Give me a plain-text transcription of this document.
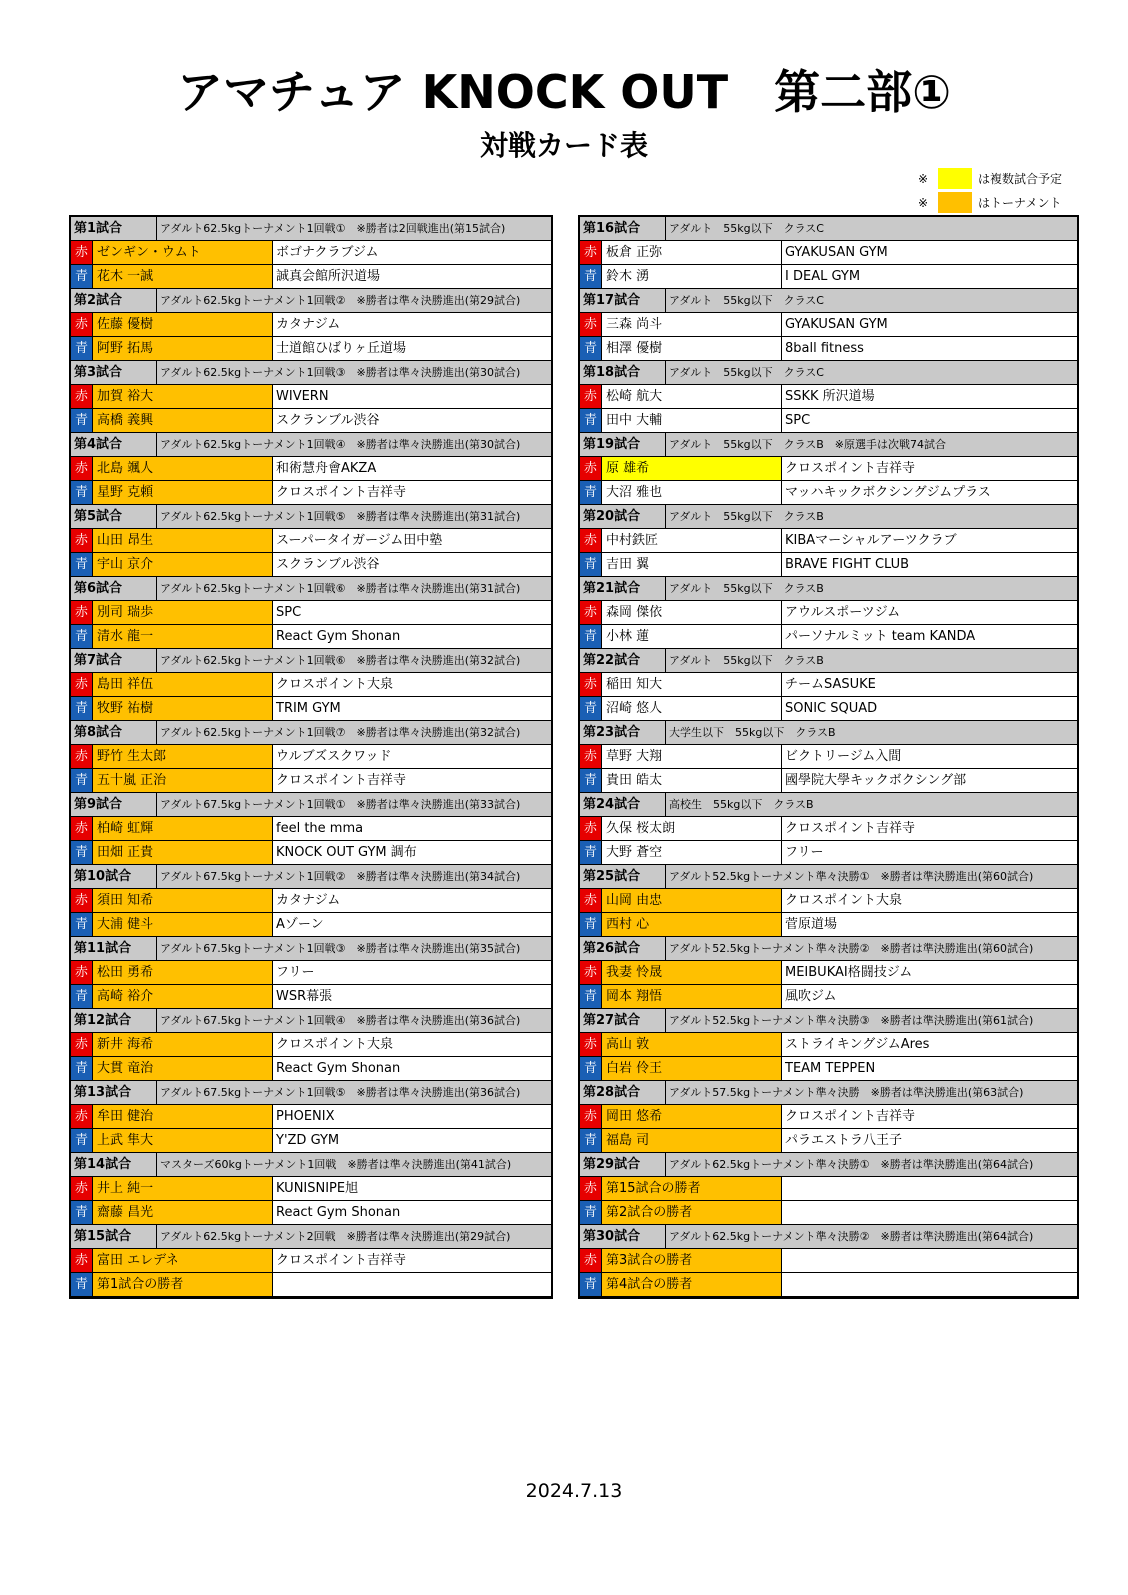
アマチュア KNOCK OUT　第二部①
対戦カード表
※	は複数試合予定
※	はトーナメント
第1試合	アダルト62.5kgトーナメント1回戦①　※勝者は2回戦進出(第15試合)
赤 ゼンギン・ウムト	ボゴナクラブジム
青 花木 一誠	誠真会館所沢道場
第2試合	アダルト62.5kgトーナメント1回戦②　※勝者は準々決勝進出(第29試合)
赤 佐藤 優樹	カタナジム
青 阿野 拓馬	士道館ひばりヶ丘道場
第3試合	アダルト62.5kgトーナメント1回戦③　※勝者は準々決勝進出(第30試合)
赤 加賀 裕大	WIVERN
青 高橋 義興	スクランブル渋谷
第4試合	アダルト62.5kgトーナメント1回戦④　※勝者は準々決勝進出(第30試合)
赤 北島 颯人	和術慧舟會AKZA
青 星野 克頼	クロスポイント吉祥寺
第5試合	アダルト62.5kgトーナメント1回戦⑤　※勝者は準々決勝進出(第31試合)
赤 山田 昂生	スーパータイガージム田中塾
青 宇山 京介	スクランブル渋谷
第6試合	アダルト62.5kgトーナメント1回戦⑥　※勝者は準々決勝進出(第31試合)
赤 別司 瑞歩	SPC
青 清水 龍一	React Gym Shonan
第7試合	アダルト62.5kgトーナメント1回戦⑥　※勝者は準々決勝進出(第32試合)
赤 島田 祥伍	クロスポイント大泉
青 牧野 祐樹	TRIM GYM
第8試合	アダルト62.5kgトーナメント1回戦⑦　※勝者は準々決勝進出(第32試合)
赤 野竹 生太郎	ウルブズスクワッド
青 五十嵐 正治	クロスポイント吉祥寺
第9試合	アダルト67.5kgトーナメント1回戦①　※勝者は準々決勝進出(第33試合)
赤 柏崎 虹輝	feel the mma
青 田畑 正貴	KNOCK OUT GYM 調布
第10試合	アダルト67.5kgトーナメント1回戦②　※勝者は準々決勝進出(第34試合)
赤 須田 知希	カタナジム
青 大浦 健斗	Aゾーン
第11試合	アダルト67.5kgトーナメント1回戦③　※勝者は準々決勝進出(第35試合)
赤 松田 勇希	フリー
青 高崎 裕介	WSR幕張
第12試合	アダルト67.5kgトーナメント1回戦④　※勝者は準々決勝進出(第36試合)
赤 新井 海希	クロスポイント大泉
青 大貫 竜治	React Gym Shonan
第13試合	アダルト67.5kgトーナメント1回戦⑤　※勝者は準々決勝進出(第36試合)
赤 牟田 健治	PHOENIX
青 上武 隼大	Y'ZD GYM
第14試合	マスターズ60kgトーナメント1回戦　※勝者は準々決勝進出(第41試合)
赤 井上 純一	KUNISNIPE旭
青 齋藤 昌光	React Gym Shonan
第15試合	アダルト62.5kgトーナメント2回戦　※勝者は準々決勝進出(第29試合)
赤 富田 エレデネ	クロスポイント吉祥寺
青 第1試合の勝者
第16試合	アダルト　55kg以下　クラスC
赤 板倉 正弥	GYAKUSAN GYM
青 鈴木 湧	I DEAL GYM
第17試合	アダルト　55kg以下　クラスC
赤 三森 尚斗	GYAKUSAN GYM
青 相澤 優樹	8ball fitness
第18試合	アダルト　55kg以下　クラスC
赤 松崎 航大	SSKK 所沢道場
青 田中 大輔	SPC
第19試合	アダルト　55kg以下　クラスB　※原選手は次戦74試合
赤 原 雄希	クロスポイント吉祥寺
青 大沼 雅也	マッハキックボクシングジムプラス
第20試合	アダルト　55kg以下　クラスB
赤 中村鉄匠	KIBAマーシャルアーツクラブ
青 吉田 翼	BRAVE FIGHT CLUB
第21試合	アダルト　55kg以下　クラスB
赤 森岡 傑依	アウルスポーツジム
青 小林 蓮	パーソナルミット team KANDA
第22試合	アダルト　55kg以下　クラスB
赤 稲田 知大	チームSASUKE
青 沼崎 悠人	SONIC SQUAD
第23試合	大学生以下　55kg以下　クラスB
赤 草野 大翔	ビクトリージム入間
青 貴田 皓太	國學院大學キックボクシング部
第24試合	高校生　55kg以下　クラスB
赤 久保 桜太朗	クロスポイント吉祥寺
青 大野 蒼空	フリー
第25試合	アダルト52.5kgトーナメント準々決勝①　※勝者は準決勝進出(第60試合)
赤 山岡 由忠	クロスポイント大泉
青 西村 心	菅原道場
第26試合	アダルト52.5kgトーナメント準々決勝②　※勝者は準決勝進出(第60試合)
赤 我妻 怜晟	MEIBUKAI格闘技ジム
青 岡本 翔悟	風吹ジム
第27試合	アダルト52.5kgトーナメント準々決勝③　※勝者は準決勝進出(第61試合)
赤 高山 敦	ストライキングジムAres
青 白岩 伶王	TEAM TEPPEN
第28試合	アダルト57.5kgトーナメント準々決勝　※勝者は準決勝進出(第63試合)
赤 岡田 悠希	クロスポイント吉祥寺
青 福島 司	パラエストラ八王子
第29試合	アダルト62.5kgトーナメント準々決勝①　※勝者は準決勝進出(第64試合)
赤 第15試合の勝者
青 第2試合の勝者
第30試合	アダルト62.5kgトーナメント準々決勝②　※勝者は準決勝進出(第64試合)
赤 第3試合の勝者
青 第4試合の勝者
2024.7.13
